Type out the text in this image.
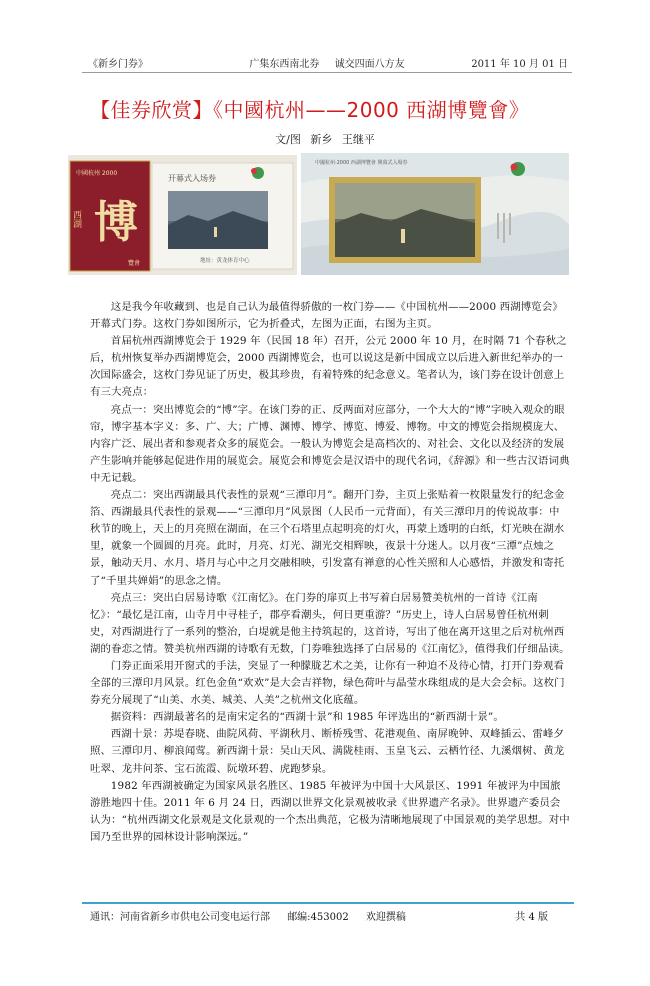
《新乡门券》	广集东西南北券 诚交四面八方友	2011 年 10 月 01 日
【佳券欣赏】《中國杭州——2000 西湖博覽會》
文/图 新乡 王继平
中國杭州 2000
西湖 博
覽會
开幕式入场券
地址：黄龙体育中心
中國杭州·2000 西湖博覽會 開幕式入場券

这是我今年收藏到、也是自己认为最值得骄傲的一枚门券——《中国杭州——2000 西湖博览会》开幕式门券。这枚门券如图所示，它为折叠式，左图为正面，右图为主页。

首届杭州西湖博览会于 1929 年（民国 18 年）召开，公元 2000 年 10 月，在时隔 71 个春秋之后，杭州恢复举办西湖博览会，2000 西湖博览会，也可以说这是新中国成立以后进入新世纪举办的一次国际盛会，这枚门券见证了历史，极其珍贵，有着特殊的纪念意义。笔者认为，该门券在设计创意上有三大亮点：

亮点一：突出博览会的“博”字。在该门券的正、反两面对应部分，一个大大的“博”字映入观众的眼帘，博字基本字义：多、广、大；广博、渊博、博学、博览、博爱、博物。中文的博览会指规模庞大、内容广泛、展出者和参观者众多的展览会。一般认为博览会是高档次的、对社会、文化以及经济的发展产生影响并能够起促进作用的展览会。展览会和博览会是汉语中的现代名词，《辞源》和一些古汉语词典中无记载。

亮点二：突出西湖最具代表性的景观“三潭印月”。翻开门券，主页上张贴着一枚限量发行的纪念金箔、西湖最具代表性的景观——“三潭印月”风景图（人民币一元背面），有关三潭印月的传说故事：中秋节的晚上，天上的月亮照在湖面，在三个石塔里点起明亮的灯火，再蒙上透明的白纸，灯光映在湖水里，就象一个圆圆的月亮。此时，月亮、灯光、湖光交相辉映，夜景十分迷人。以月夜“三潭”点烛之景，触动天月、水月、塔月与心中之月交融相映，引发富有禅意的心性关照和人心感悟，并激发和寄托了“千里共婵娟”的思念之情。

亮点三：突出白居易诗歌《江南忆》。在门券的扉页上书写着白居易赞美杭州的一首诗《江南忆》：“最忆是江南，山寺月中寻桂子，郡亭看潮头，何日更重游？”历史上，诗人白居易曾任杭州刺史，对西湖进行了一系列的整治，白堤就是他主持筑起的，这首诗，写出了他在离开这里之后对杭州西湖的眷恋之情。赞美杭州西湖的诗歌有无数，门券唯独选择了白居易的《江南忆》，值得我们仔细品读。

门券正面采用开窗式的手法，突显了一种朦胧艺术之美，让你有一种迫不及待心情，打开门券观看全部的三潭印月风景。红色金鱼“欢欢”是大会吉祥物，绿色荷叶与晶莹水珠组成的是大会会标。这枚门券充分展现了“山美、水美、城美、人美”之杭州文化底蕴。

据资料：西湖最著名的是南宋定名的“西湖十景”和 1985 年评选出的“新西湖十景”。

西湖十景：苏堤春晓、曲院风荷、平湖秋月、断桥残雪、花港观鱼、南屏晚钟、双峰插云、雷峰夕照、三潭印月、柳浪闻莺。新西湖十景：吴山天风、满陇桂雨、玉皇飞云、云栖竹径、九溪烟树、黄龙吐翠、龙井问茶、宝石流霞、阮墩环碧、虎跑梦泉。

1982 年西湖被确定为国家风景名胜区、1985 年被评为中国十大风景区、1991 年被评为中国旅游胜地四十佳。2011 年 6 月 24 日，西湖以世界文化景观被收录《世界遗产名录》。世界遗产委员会认为：“杭州西湖文化景观是文化景观的一个杰出典范，它极为清晰地展现了中国景观的美学思想。对中国乃至世界的园林设计影响深远。”

通讯：河南省新乡市供电公司变电运行部 邮编:453002 欢迎撰稿	共 4 版
